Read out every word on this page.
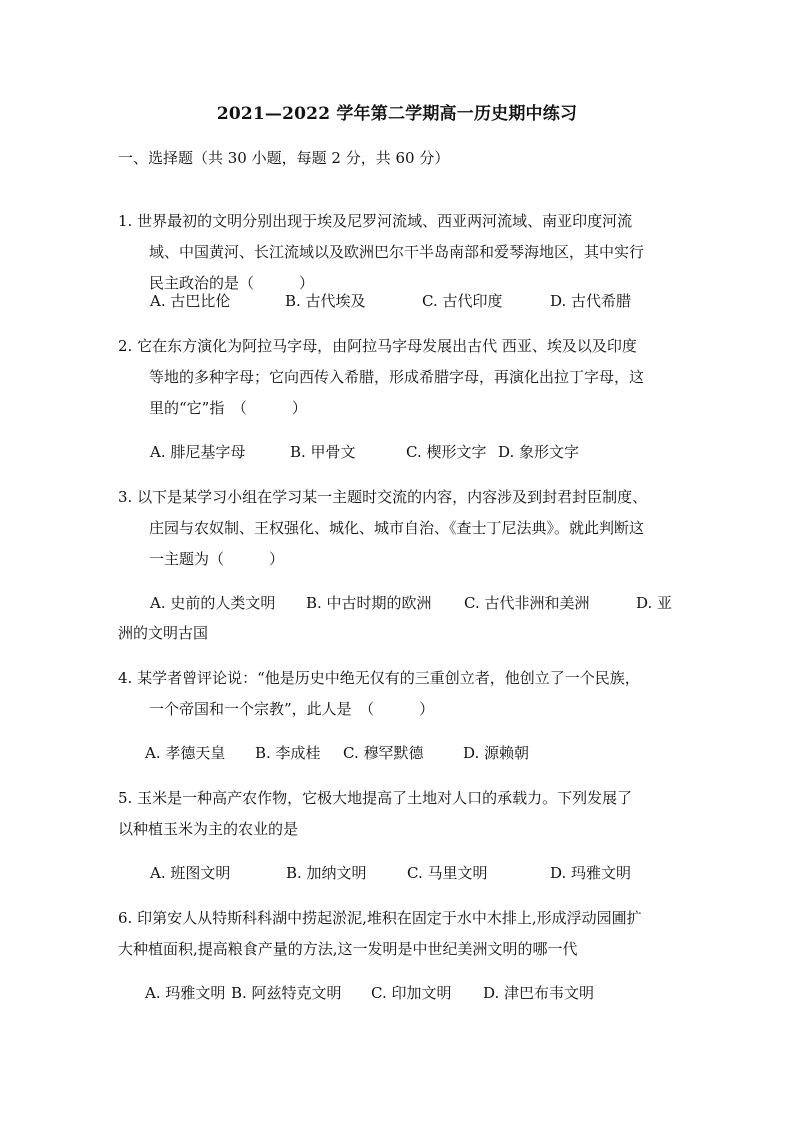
2021—2022 学年第二学期高一历史期中练习
一、选择题（共 30 小题，每题 2 分，共 60 分）
1. 世界最初的文明分别出现于埃及尼罗河流域、西亚两河流域、南亚印度河流
域、中国黄河、长江流域以及欧洲巴尔干半岛南部和爱琴海地区，其中实行
民主政治的是（　　　）
A. 古巴比伦	B. 古代埃及	C. 古代印度	D. 古代希腊
2. 它在东方演化为阿拉马字母，由阿拉马字母发展出古代 西亚、埃及以及印度
等地的多种字母；它向西传入希腊，形成希腊字母，再演化出拉丁字母，这
里的“它”指　（　　　）
A. 腓尼基字母	B. 甲骨文	C. 楔形文字 D. 象形文字
3. 以下是某学习小组在学习某一主题时交流的内容，内容涉及到封君封臣制度、
庄园与农奴制、王权强化、城化、城市自治、《查士丁尼法典》。就此判断这
一主题为（　　　）
A. 史前的人类文明 B. 中古时期的欧洲 C. 古代非洲和美洲	D. 亚
洲的文明古国
4. 某学者曾评论说：“他是历史中绝无仅有的三重创立者，他创立了一个民族，
一个帝国和一个宗教”，此人是　（　　　）
A. 孝德天皇 B. 李成桂 C. 穆罕默德	D. 源赖朝
5. 玉米是一种高产农作物，它极大地提高了土地对人口的承载力。下列发展了
以种植玉米为主的农业的是
A. 班图文明	B. 加纳文明	C. 马里文明	D. 玛雅文明
6. 印第安人从特斯科科湖中捞起淤泥,堆积在固定于水中木排上,形成浮动园圃扩
大种植面积,提高粮食产量的方法,这一发明是中世纪美洲文明的哪一代
A. 玛雅文明 B. 阿兹特克文明 C. 印加文明 D. 津巴布韦文明
